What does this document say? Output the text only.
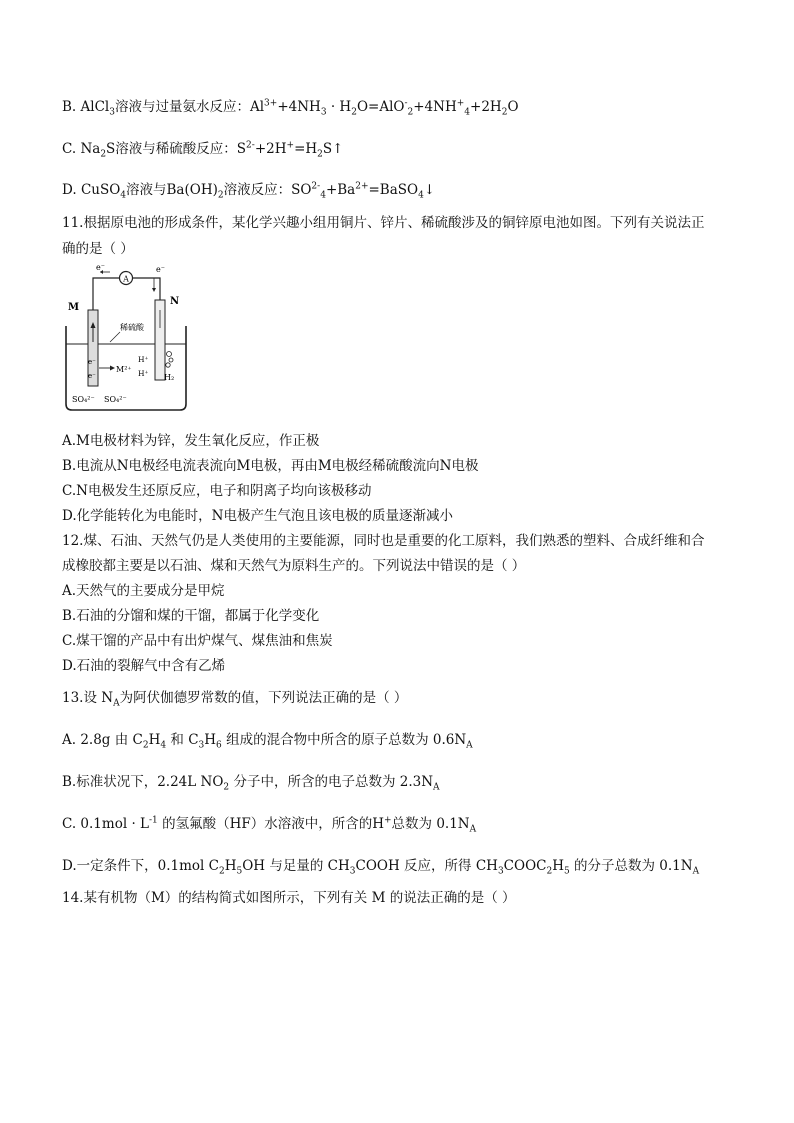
B. AlCl$_3$溶液与过量氨水反应：$Al^{3+}+4NH_3 \cdot H_2O=AlO^-_2+4NH^+_4+2H_2O$
C. $Na_2S$溶液与稀硫酸反应：$S^{2-}+2H^+=H_2S↑$
D. CuSO$_4$溶液与$Ba(OH)_2$溶液反应：$SO^{2-}_4+Ba^{2+}=BaSO_4↓$
11.根据原电池的形成条件，某化学兴趣小组用铜片、锌片、稀硫酸涉及的铜锌原电池如图。下列有关说法正
确的是（ ）
A
e⁻	e⁻
M
e⁻
e⁻
M²⁺
N
稀硫酸
H⁺
H⁺ H₂
SO₄²⁻ SO₄²⁻
A.M电极材料为锌，发生氧化反应，作正极
B.电流从N电极经电流表流向M电极，再由M电极经稀硫酸流向N电极
C.N电极发生还原反应，电子和阴离子均向该极移动
D.化学能转化为电能时，N电极产生气泡且该电极的质量逐渐减小
12.煤、石油、天然气仍是人类使用的主要能源，同时也是重要的化工原料，我们熟悉的塑料、合成纤维和合
成橡胶都主要是以石油、煤和天然气为原料生产的。下列说法中错误的是（ ）
A.天然气的主要成分是甲烷
B.石油的分馏和煤的干馏，都属于化学变化
C.煤干馏的产品中有出炉煤气、煤焦油和焦炭
D.石油的裂解气中含有乙烯
13.设 $N_A$为阿伏伽德罗常数的值，下列说法正确的是（ ）
A. 2.8g 由 $C_2H_4$ 和 $C_3H_6$ 组成的混合物中所含的原子总数为 $0.6N_A$
B.标准状况下，2.24L $NO_2$ 分子中，所含的电子总数为 $2.3N_A$
C. $0.1mol \cdot L^{-1}$ 的氢氟酸（HF）水溶液中，所含的H+总数为 $0.1N_A$
D.一定条件下，0.1mol $C_2H_5OH$ 与足量的 $CH_3COOH$ 反应，所得 $CH_3COOC_2H_5$ 的分子总数为 $0.1N_A$
14.某有机物（M）的结构简式如图所示，下列有关 M 的说法正确的是（ ）
